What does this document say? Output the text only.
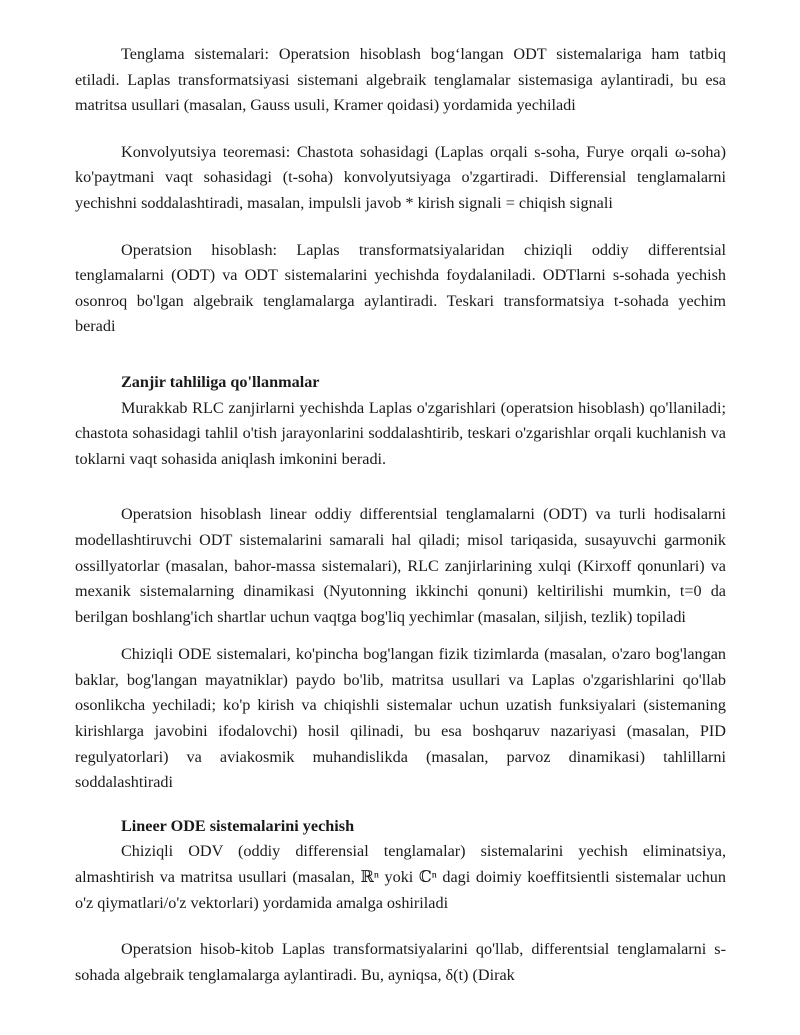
Tenglama sistemalari: Operatsion hisoblash bog‘langan ODT sistemalariga ham tatbiq etiladi. Laplas transformatsiyasi sistemani algebraik tenglamalar sistemasiga aylantiradi, bu esa matritsa usullari (masalan, Gauss usuli, Kramer qoidasi) yordamida yechiladi

Konvolyutsiya teoremasi: Chastota sohasidagi (Laplas orqali s-soha, Furye orqali ω-soha) ko'paytmani vaqt sohasidagi (t-soha) konvolyutsiyaga o'zgartiradi. Differensial tenglamalarni yechishni soddalashtiradi, masalan, impulsli javob * kirish signali = chiqish signali

Operatsion hisoblash: Laplas transformatsiyalaridan chiziqli oddiy differentsial tenglamalarni (ODT) va ODT sistemalarini yechishda foydalaniladi. ODTlarni s-sohada yechish osonroq bo'lgan algebraik tenglamalarga aylantiradi. Teskari transformatsiya t-sohada yechim beradi

Zanjir tahliliga qo'llanmalar

Murakkab RLC zanjirlarni yechishda Laplas o'zgarishlari (operatsion hisoblash) qo'llaniladi; chastota sohasidagi tahlil o'tish jarayonlarini soddalashtirib, teskari o'zgarishlar orqali kuchlanish va toklarni vaqt sohasida aniqlash imkonini beradi.

Operatsion hisoblash linear oddiy differentsial tenglamalarni (ODT) va turli hodisalarni modellashtiruvchi ODT sistemalarini samarali hal qiladi; misol tariqasida, susayuvchi garmonik ossillyatorlar (masalan, bahor-massa sistemalari), RLC zanjirlarining xulqi (Kirxoff qonunlari) va mexanik sistemalarning dinamikasi (Nyutonning ikkinchi qonuni) keltirilishi mumkin, t=0 da berilgan boshlang'ich shartlar uchun vaqtga bog'liq yechimlar (masalan, siljish, tezlik) topiladi

Chiziqli ODE sistemalari, ko'pincha bog'langan fizik tizimlarda (masalan, o'zaro bog'langan baklar, bog'langan mayatniklar) paydo bo'lib, matritsa usullari va Laplas o'zgarishlarini qo'llab osonlikcha yechiladi; ko'p kirish va chiqishli sistemalar uchun uzatish funksiyalari (sistemaning kirishlarga javobini ifodalovchi) hosil qilinadi, bu esa boshqaruv nazariyasi (masalan, PID regulyatorlari) va aviakosmik muhandislikda (masalan, parvoz dinamikasi) tahlillarni soddalashtiradi

Lineer ODE sistemalarini yechish

Chiziqli ODV (oddiy differensial tenglamalar) sistemalarini yechish eliminatsiya, almashtirish va matritsa usullari (masalan, ℝⁿ yoki ℂⁿ dagi doimiy koeffitsientli sistemalar uchun o'z qiymatlari/o'z vektorlari) yordamida amalga oshiriladi

Operatsion hisob-kitob Laplas transformatsiyalarini qo'llab, differentsial tenglamalarni s-sohada algebraik tenglamalarga aylantiradi. Bu, ayniqsa, δ(t) (Dirak
